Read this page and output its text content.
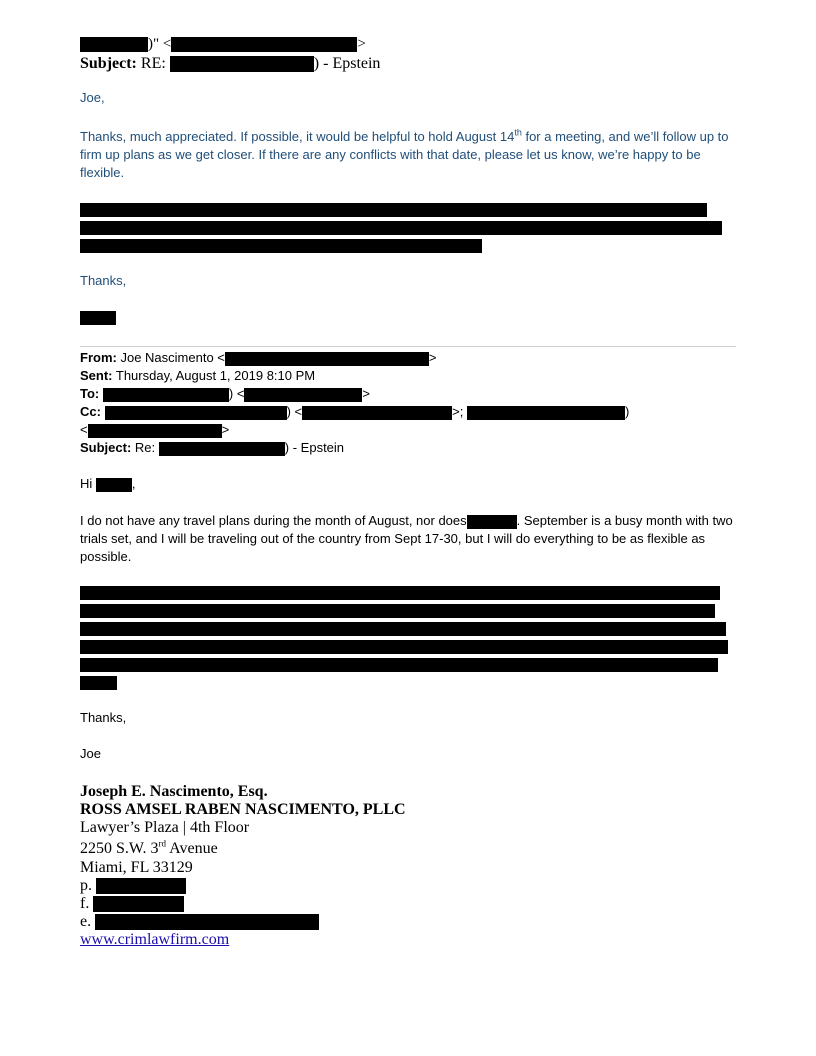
)" <	>
Subject: RE:	) - Epstein
Joe,
Thanks, much appreciated. If possible, it would be helpful to hold August 14th for a meeting, and we’ll follow up to firm up plans as we get closer. If there are any conflicts with that date, please let us know, we’re happy to be flexible.
Thanks,
From: Joe Nascimento <	>
Sent: Thursday, August 1, 2019 8:10 PM
To:	) <	>
Cc:	) <	>;	)
<	>
Subject: Re:	) - Epstein
Hi	,
I do not have any travel plans during the month of August, nor does	. September is a busy month with two trials set, and I will be traveling out of the country from Sept 17-30, but I will do everything to be as flexible as possible.
Thanks,
Joe
Joseph E. Nascimento, Esq.
ROSS AMSEL RABEN NASCIMENTO, PLLC
Lawyer’s Plaza | 4th Floor
2250 S.W. 3rd Avenue
Miami, FL 33129
p.
f.
e.
www.crimlawfirm.com
